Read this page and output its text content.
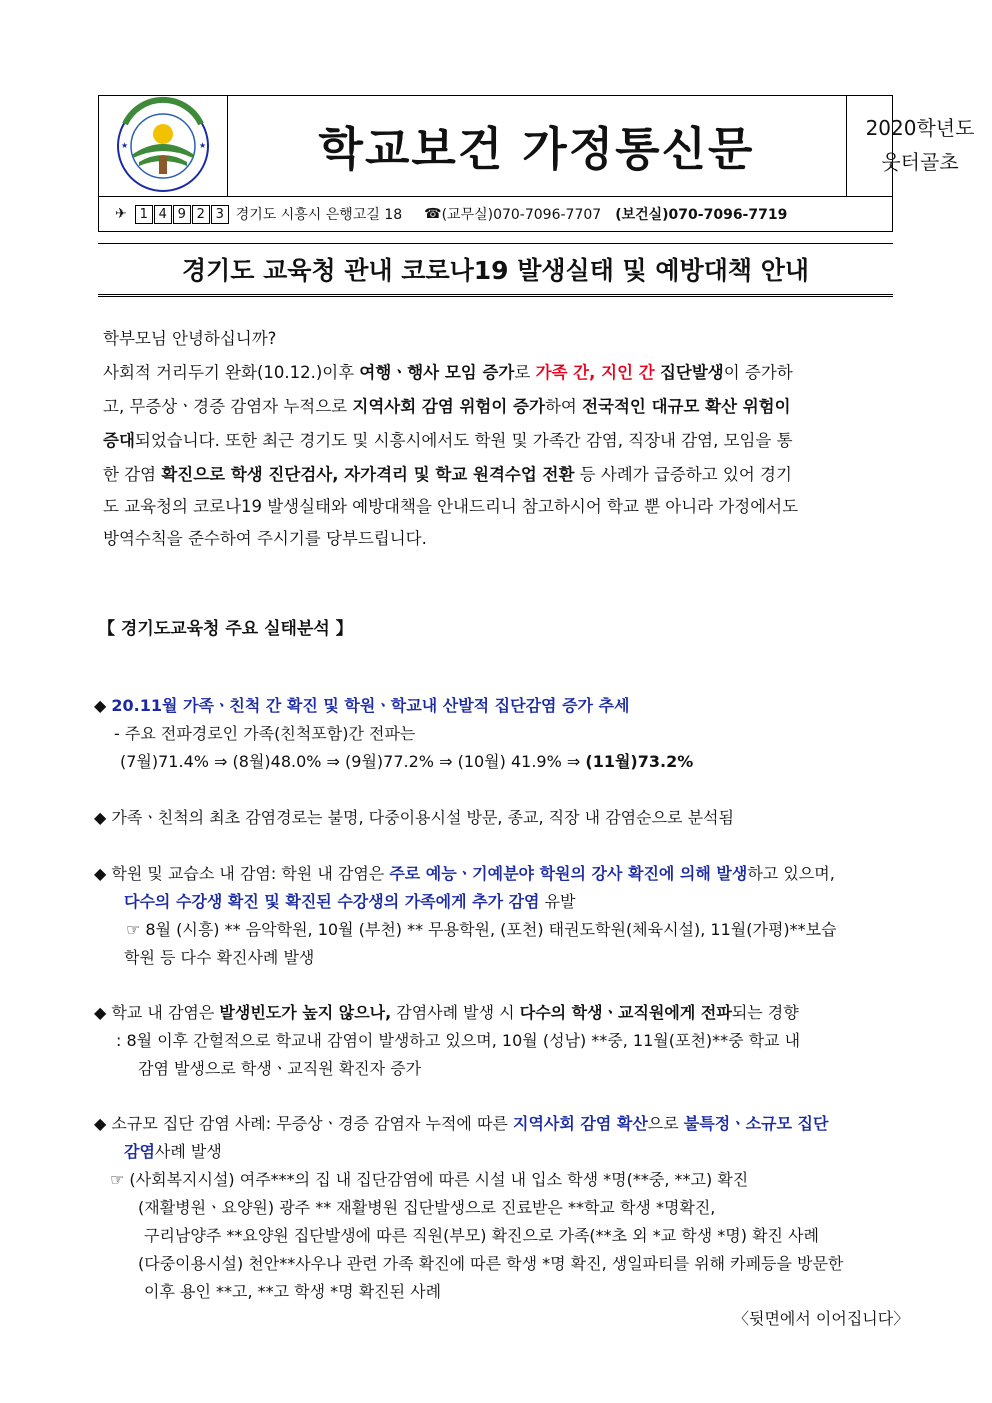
★	★ 학교보건 가정통신문	2020학년도
웃터골초
✈ 1 4 9 2 3 경기도 시흥시 은행고길 18 ☎ (교무실)070-7096-7707 (보건실)070-7096-7719
경기도 교육청 관내 코로나19 발생실태 및 예방대책 안내
학부모님 안녕하십니까?
사회적 거리두기 완화(10.12.)이후 여행ㆍ행사 모임 증가로 가족 간, 지인 간 집단발생이 증가하
고, 무증상ㆍ경증 감염자 누적으로 지역사회 감염 위험이 증가하여 전국적인 대규모 확산 위험이
증대되었습니다. 또한 최근 경기도 및 시흥시에서도 학원 및 가족간 감염, 직장내 감염, 모임을 통
한 감염 확진으로 학생 진단검사, 자가격리 및 학교 원격수업 전환 등 사례가 급증하고 있어 경기
도 교육청의 코로나19 발생실태와 예방대책을 안내드리니 참고하시어 학교 뿐 아니라 가정에서도
방역수칙을 준수하여 주시기를 당부드립니다.
【 경기도교육청 주요 실태분석 】
◆ 20.11월 가족ㆍ친척 간 확진 및 학원ㆍ학교내 산발적 집단감염 증가 추세
- 주요 전파경로인 가족(친척포함)간 전파는
(7월)71.4% ⇒ (8월)48.0% ⇒ (9월)77.2% ⇒ (10월) 41.9% ⇒ (11월)73.2%
◆ 가족ㆍ친척의 최초 감염경로는 불명, 다중이용시설 방문, 종교, 직장 내 감염순으로 분석됨
◆ 학원 및 교습소 내 감염: 학원 내 감염은 주로 예능ㆍ기예분야 학원의 강사 확진에 의해 발생하고 있으며,
다수의 수강생 확진 및 확진된 수강생의 가족에게 추가 감염 유발
☞ 8월 (시흥) ** 음악학원, 10월 (부천) ** 무용학원, (포천) 태권도학원(체육시설), 11월(가평)**보습
학원 등 다수 확진사례 발생
◆ 학교 내 감염은 발생빈도가 높지 않으나, 감염사례 발생 시 다수의 학생ㆍ교직원에게 전파되는 경향
: 8월 이후 간헐적으로 학교내 감염이 발생하고 있으며, 10월 (성남) **중, 11월(포천)**중 학교 내
감염 발생으로 학생ㆍ교직원 확진자 증가
◆ 소규모 집단 감염 사례: 무증상ㆍ경증 감염자 누적에 따른 지역사회 감염 확산으로 불특정ㆍ소규모 집단
감염사례 발생
☞ (사회복지시설) 여주***의 집 내 집단감염에 따른 시설 내 입소 학생 *명(**중, **고) 확진
(재활병원ㆍ요양원) 광주 ** 재활병원 집단발생으로 진료받은 **학교 학생 *명확진,
구리남양주 **요양원 집단발생에 따른 직원(부모) 확진으로 가족(**초 외 *교 학생 *명) 확진 사례
(다중이용시설) 천안**사우나 관련 가족 확진에 따른 학생 *명 확진, 생일파티를 위해 카페등을 방문한
이후 용인 **고, **고 학생 *명 확진된 사례
〈뒷면에서 이어집니다〉
